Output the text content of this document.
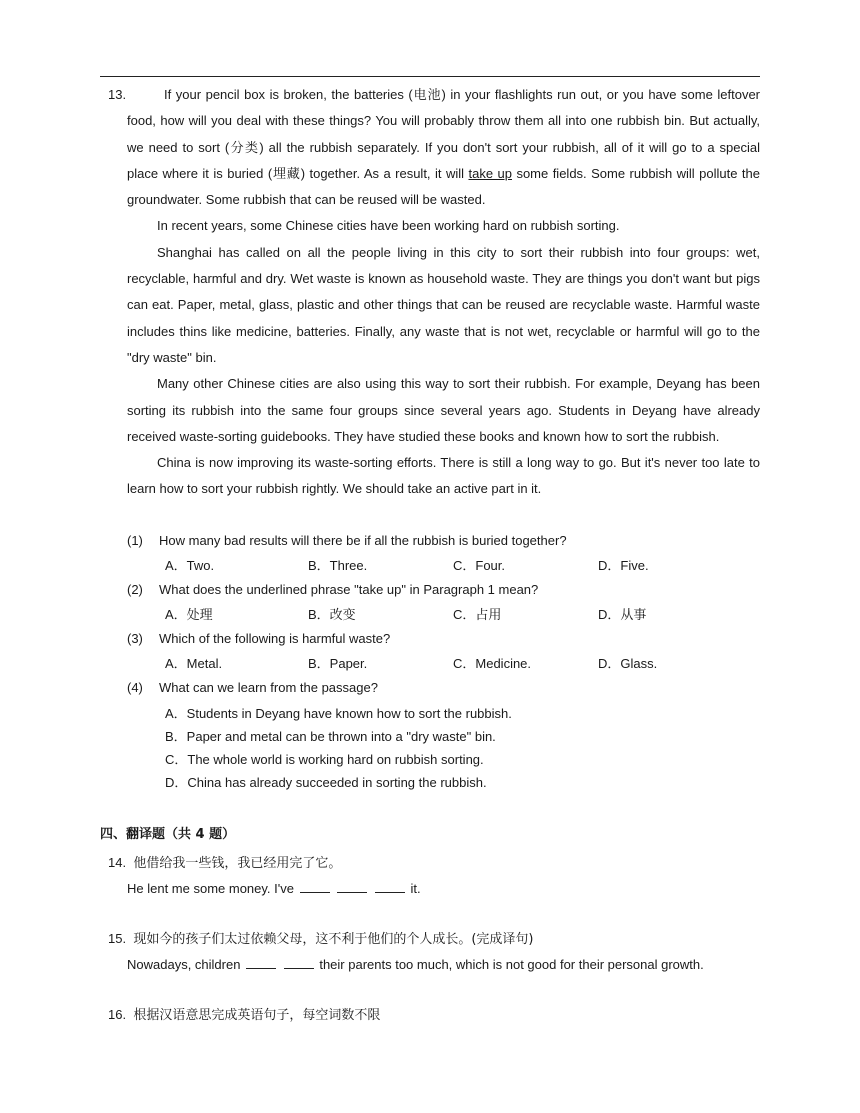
13.	If your pencil box is broken, the batteries (电池) in your flashlights run out, or you have some leftover food, how will you deal with these things? You will probably throw them all into one rubbish bin. But actually, we need to sort (分类) all the rubbish separately. If you don't sort your rubbish, all of it will go to a special place where it is buried (埋藏) together. As a result, it will take up some fields. Some rubbish will pollute the groundwater. Some rubbish that can be reused will be wasted.

In recent years, some Chinese cities have been working hard on rubbish sorting.

Shanghai has called on all the people living in this city to sort their rubbish into four groups: wet, recyclable, harmful and dry. Wet waste is known as household waste. They are things you don't want but pigs can eat. Paper, metal, glass, plastic and other things that can be reused are recyclable waste. Harmful waste includes thins like medicine, batteries. Finally, any waste that is not wet, recyclable or harmful will go to the "dry waste" bin.

Many other Chinese cities are also using this way to sort their rubbish. For example, Deyang has been sorting its rubbish into the same four groups since several years ago. Students in Deyang have already received waste-sorting guidebooks. They have studied these books and known how to sort the rubbish.

China is now improving its waste-sorting efforts. There is still a long way to go. But it's never too late to learn how to sort your rubbish rightly. We should take an active part in it.

(1) How many bad results will there be if all the rubbish is buried together?
A．Two.	B．Three.	C．Four.	D．Five.
(2) What does the underlined phrase "take up" in Paragraph 1 mean?
A．处理	B．改变	C．占用	D．从事
(3) Which of the following is harmful waste?
A．Metal.	B．Paper.	C．Medicine.	D．Glass.
(4) What can we learn from the passage?
A．Students in Deyang have known how to sort the rubbish.
B．Paper and metal can be thrown into a "dry waste" bin.
C．The whole world is working hard on rubbish sorting.
D．China has already succeeded in sorting the rubbish.
四、翻译题（共 4 题）
14. 他借给我一些钱，我已经用完了它。
He lent me some money. I've	it.
15. 现如今的孩子们太过依赖父母，这不利于他们的个人成长。(完成译句)
Nowadays, children	their parents too much, which is not good for their personal growth.
16. 根据汉语意思完成英语句子，每空词数不限
